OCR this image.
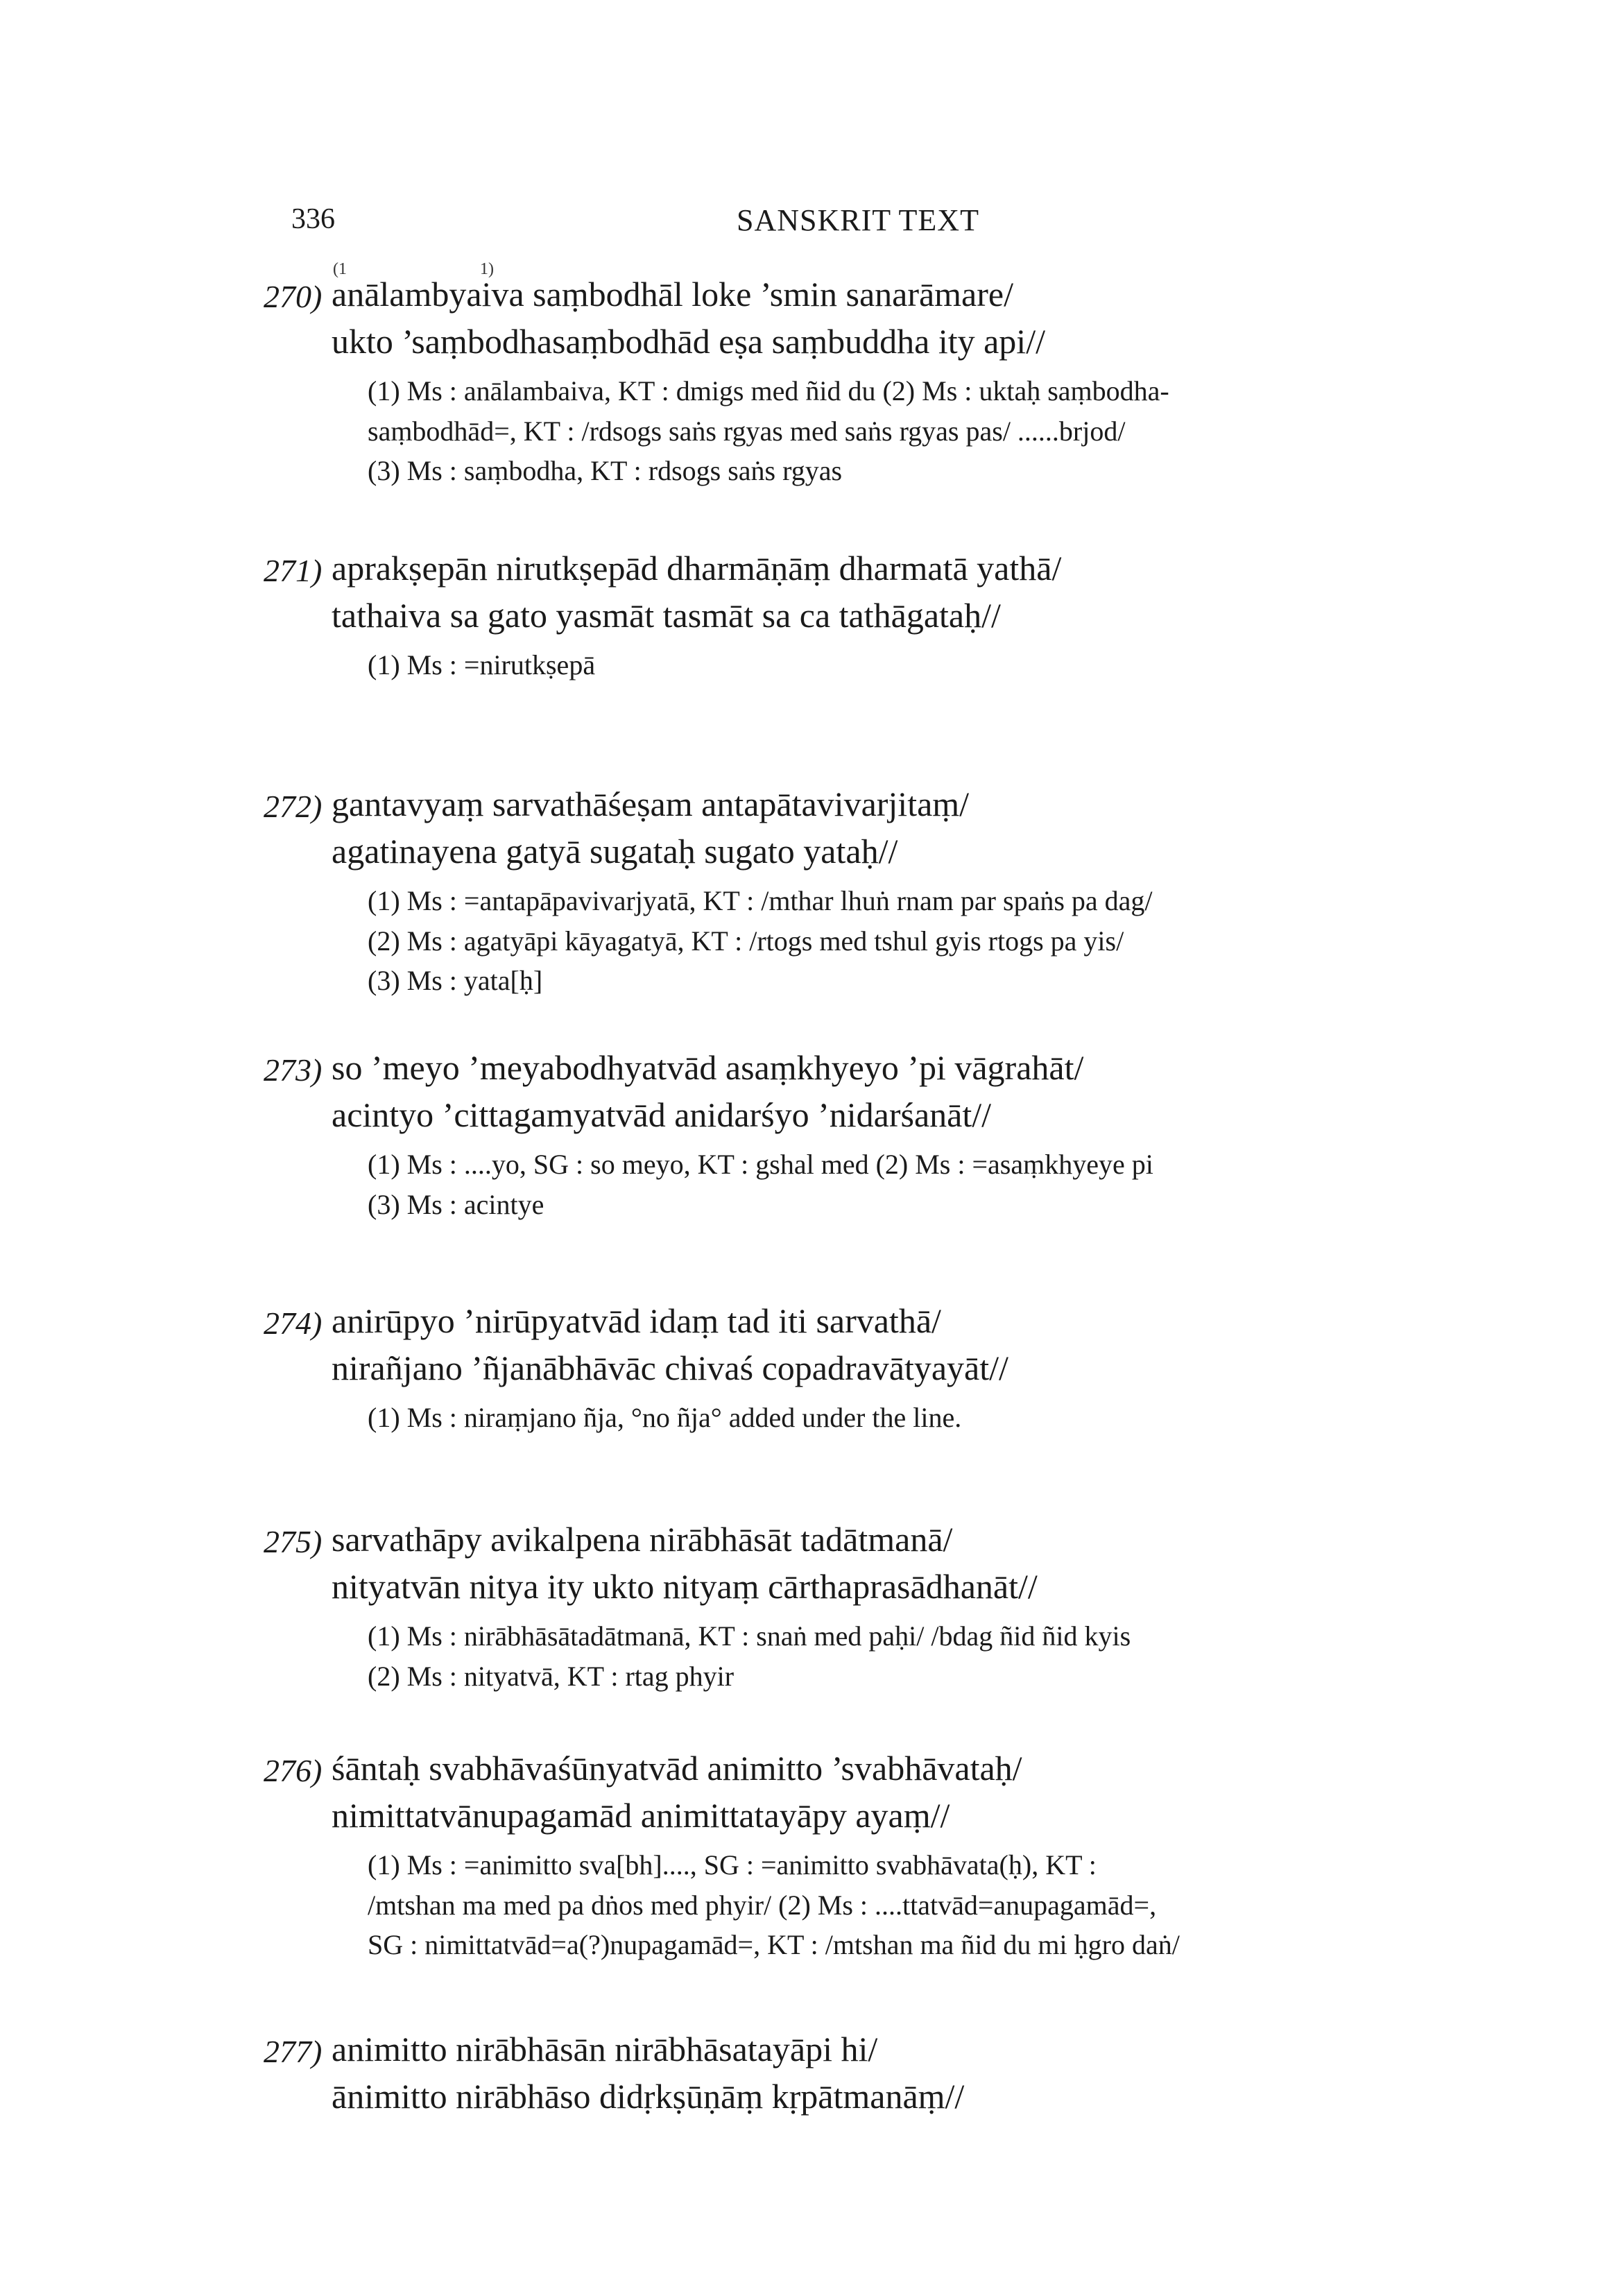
336	SANSKRIT TEXT
(1                1)
270) anālambyaiva saṃbodhāl loke ’smin sanarāmare/
ukto ’saṃbodhasaṃbodhād eṣa saṃbuddha ity api//
(1) Ms : anālambaiva, KT : dmigs med ñid du (2) Ms : uktaḥ saṃbodha-
saṃbodhād=, KT : /rdsogs saṅs rgyas med saṅs rgyas pas/ ......brjod/
(3) Ms : saṃbodha, KT : rdsogs saṅs rgyas
271) aprakṣepān nirutkṣepād dharmāṇāṃ dharmatā yathā/
tathaiva sa gato yasmāt tasmāt sa ca tathāgataḥ//
(1) Ms : =nirutkṣepā
272) gantavyaṃ sarvathāśeṣam antapātavivarjitaṃ/
agatinayena gatyā sugataḥ sugato yataḥ//
(1) Ms : =antapāpavivarjyatā, KT : /mthar lhuṅ rnam par spaṅs pa dag/
(2) Ms : agatyāpi kāyagatyā, KT : /rtogs med tshul gyis rtogs pa yis/
(3) Ms : yata[ḥ]
273) so ’meyo ’meyabodhyatvād asaṃkhyeyo ’pi vāgrahāt/
acintyo ’cittagamyatvād anidarśyo ’nidarśanāt//
(1) Ms : ....yo, SG : so meyo, KT : gshal med (2) Ms : =asaṃkhyeye pi
(3) Ms : acintye
274) anirūpyo ’nirūpyatvād idaṃ tad iti sarvathā/
nirañjano ’ñjanābhāvāc chivaś copadravātyayāt//
(1) Ms : niraṃjano ñja, °no ñja° added under the line.
275) sarvathāpy avikalpena nirābhāsāt tadātmanā/
nityatvān nitya ity ukto nityaṃ cārthaprasādhanāt//
(1) Ms : nirābhāsātadātmanā, KT : snaṅ med paḥi/ /bdag ñid ñid kyis
(2) Ms : nityatvā, KT : rtag phyir
276) śāntaḥ svabhāvaśūnyatvād animitto ’svabhāvataḥ/
nimittatvānupagamād animittatayāpy ayaṃ//
(1) Ms : =animitto sva[bh]...., SG : =animitto svabhāvata(ḥ), KT :
/mtshan ma med pa dṅos med phyir/ (2) Ms : ....ttatvād=anupagamād=,
SG : nimittatvād=a(?)nupagamād=, KT : /mtshan ma ñid du mi ḥgro daṅ/
277) animitto nirābhāsān nirābhāsatayāpi hi/
ānimitto nirābhāso didṛkṣūṇāṃ kṛpātmanāṃ//
